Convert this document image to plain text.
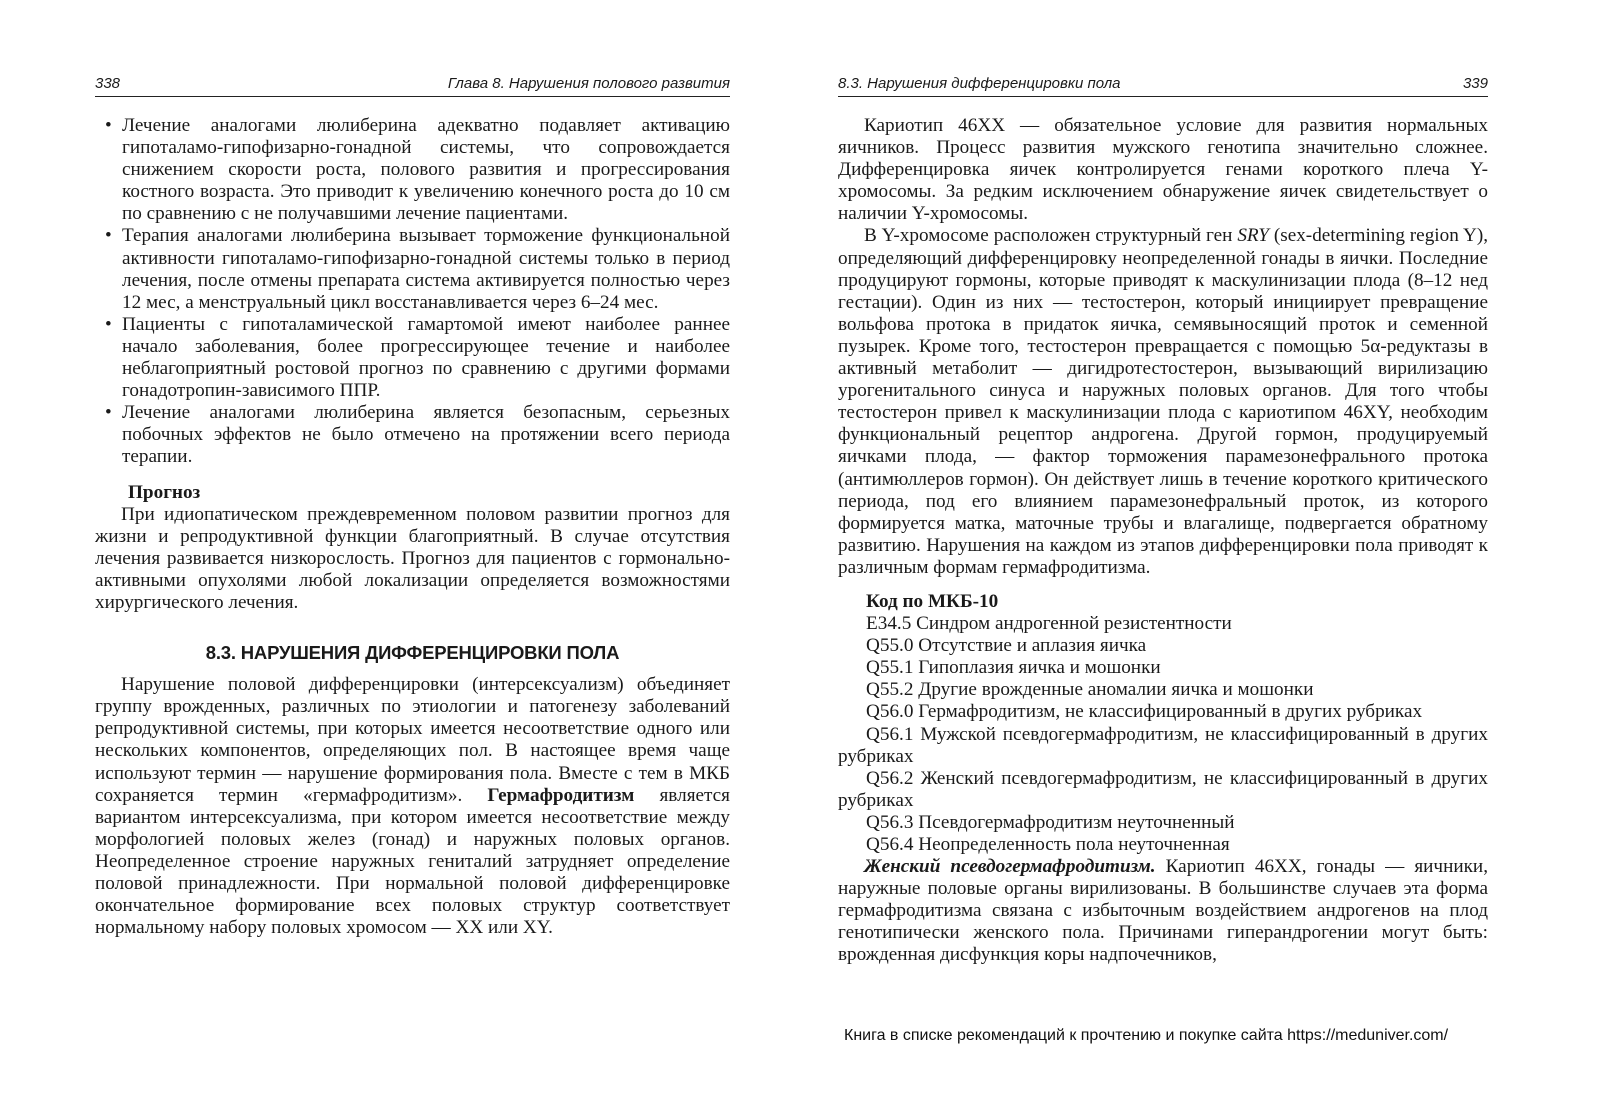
338	Глава 8. Нарушения полового развития
• Лечение аналогами люлиберина адекватно подавляет активацию гипоталамо-гипофизарно-гонадной системы, что сопровождается снижением скорости роста, полового развития и прогрессирования костного возраста. Это приводит к увеличению конечного роста до 10 см по сравнению с не получавшими лечение пациентами.
• Терапия аналогами люлиберина вызывает торможение функциональной активности гипоталамо-гипофизарно-гонадной системы только в период лечения, после отмены препарата система активируется полностью через 12 мес, а менструальный цикл восстанавливается через 6–24 мес.
• Пациенты с гипоталамической гамартомой имеют наиболее раннее начало заболевания, более прогрессирующее течение и наиболее неблагоприятный ростовой прогноз по сравнению с другими формами гонадотропин-зависимого ППР.
• Лечение аналогами люлиберина является безопасным, серьезных побочных эффектов не было отмечено на протяжении всего периода терапии.
Прогноз

При идиопатическом преждевременном половом развитии прогноз для жизни и репродуктивной функции благоприятный. В случае отсутствия лечения развивается низкорослость. Прогноз для пациентов с гормонально-активными опухолями любой локализации определяется возможностями хирургического лечения.

8.3. НАРУШЕНИЯ ДИФФЕРЕНЦИРОВКИ ПОЛА

Нарушение половой дифференцировки (интерсексуализм) объединяет группу врожденных, различных по этиологии и патогенезу заболеваний репродуктивной системы, при которых имеется несоответствие одного или нескольких компонентов, определяющих пол. В настоящее время чаще используют термин — нарушение формирования пола. Вместе с тем в МКБ сохраняется термин «гермафродитизм». Гермафродитизм является вариантом интерсексуализма, при котором имеется несоответствие между морфологией половых желез (гонад) и наружных половых органов. Неопределенное строение наружных гениталий затрудняет определение половой принадлежности. При нормальной половой дифференцировке окончательное формирование всех половых структур соответствует нормальному набору половых хромосом — XX или XY.

8.3. Нарушения дифференцировки пола	339

Кариотип 46XX — обязательное условие для развития нормальных яичников. Процесс развития мужского генотипа значительно сложнее. Дифференцировка яичек контролируется генами короткого плеча Y-хромосомы. За редким исключением обнаружение яичек свидетельствует о наличии Y-хромосомы.

В Y-хромосоме расположен структурный ген SRY (sex-determining region Y), определяющий дифференцировку неопределенной гонады в яички. Последние продуцируют гормоны, которые приводят к маскулинизации плода (8–12 нед гестации). Один из них — тестостерон, который инициирует превращение вольфова протока в придаток яичка, семявыносящий проток и семенной пузырек. Кроме того, тестостерон превращается с помощью 5α-редуктазы в активный метаболит — дигидротестостерон, вызывающий вирилизацию урогенитального синуса и наружных половых органов. Для того чтобы тестостерон привел к маскулинизации плода с кариотипом 46XY, необходим функциональный рецептор андрогена. Другой гормон, продуцируемый яичками плода, — фактор торможения парамезонефрального протока (антимюллеров гормон). Он действует лишь в течение короткого критического периода, под его влиянием парамезонефральный проток, из которого формируется матка, маточные трубы и влагалище, подвергается обратному развитию. Нарушения на каждом из этапов дифференцировки пола приводят к различным формам гермафродитизма.

Код по МКБ-10
E34.5 Синдром андрогенной резистентности
Q55.0 Отсутствие и аплазия яичка
Q55.1 Гипоплазия яичка и мошонки
Q55.2 Другие врожденные аномалии яичка и мошонки
Q56.0 Гермафродитизм, не классифицированный в других рубриках

Q56.1 Мужской псевдогермафродитизм, не классифицированный в других рубриках

Q56.2 Женский псевдогермафродитизм, не классифицированный в других рубриках

Q56.3 Псевдогермафродитизм неуточненный
Q56.4 Неопределенность пола неуточненная

Женский псевдогермафродитизм. Кариотип 46XX, гонады — яичники, наружные половые органы вирилизованы. В большинстве случаев эта форма гермафродитизма связана с избыточным воздействием андрогенов на плод генотипически женского пола. Причинами гиперандрогении могут быть: врожденная дисфункция коры надпочечников,

Книга в списке рекомендаций к прочтению и покупке сайта https://meduniver.com/
